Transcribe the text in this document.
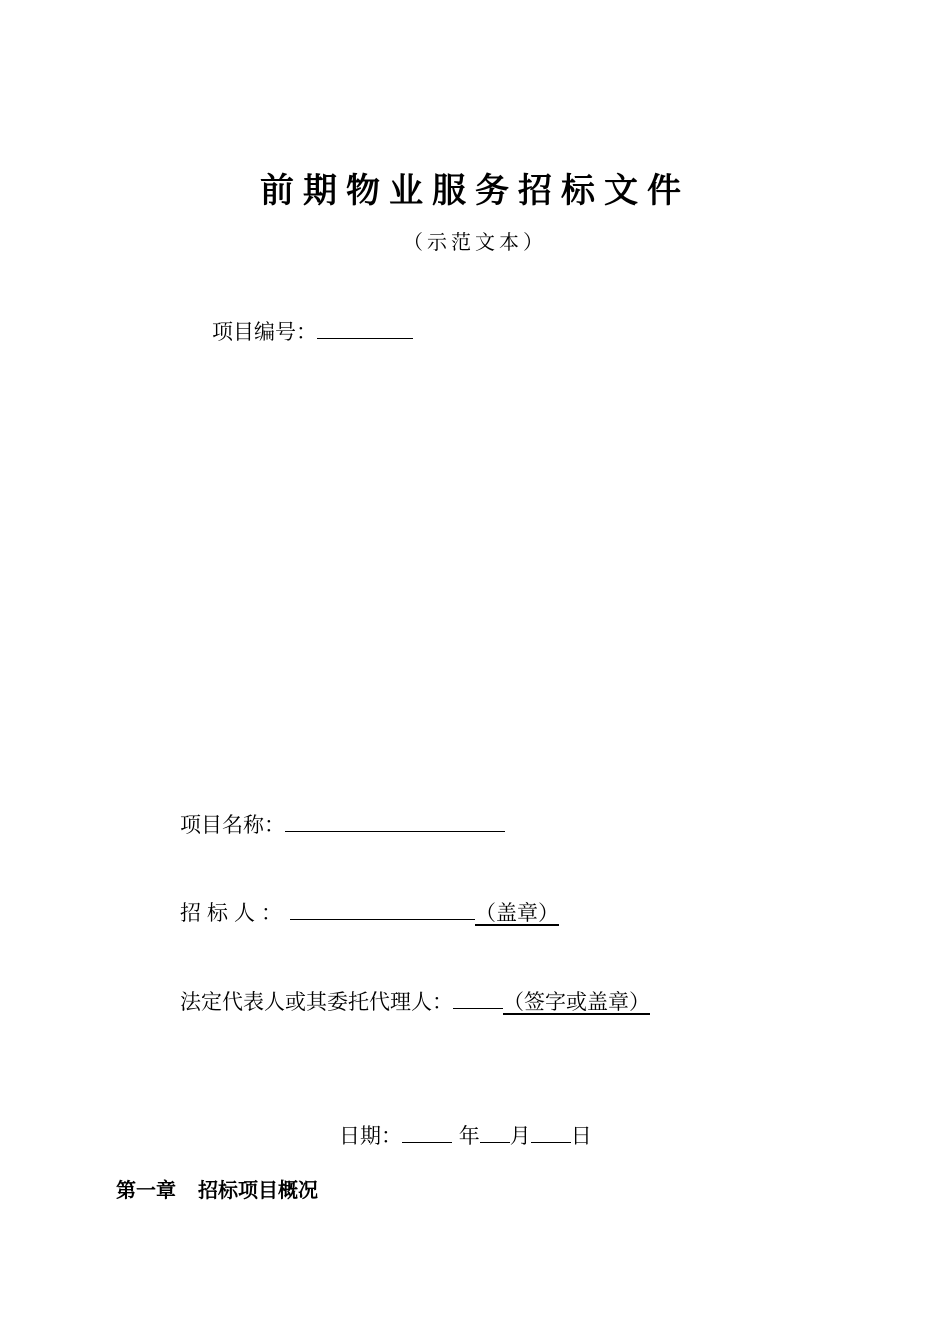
前期物业服务招标文件
（示范文本）
项目编号：
项目名称：
招标人：	（盖章）
法定代表人或其委托代理人： （签字或盖章）
日期：	年 月 日
第一章 招标项目概况
